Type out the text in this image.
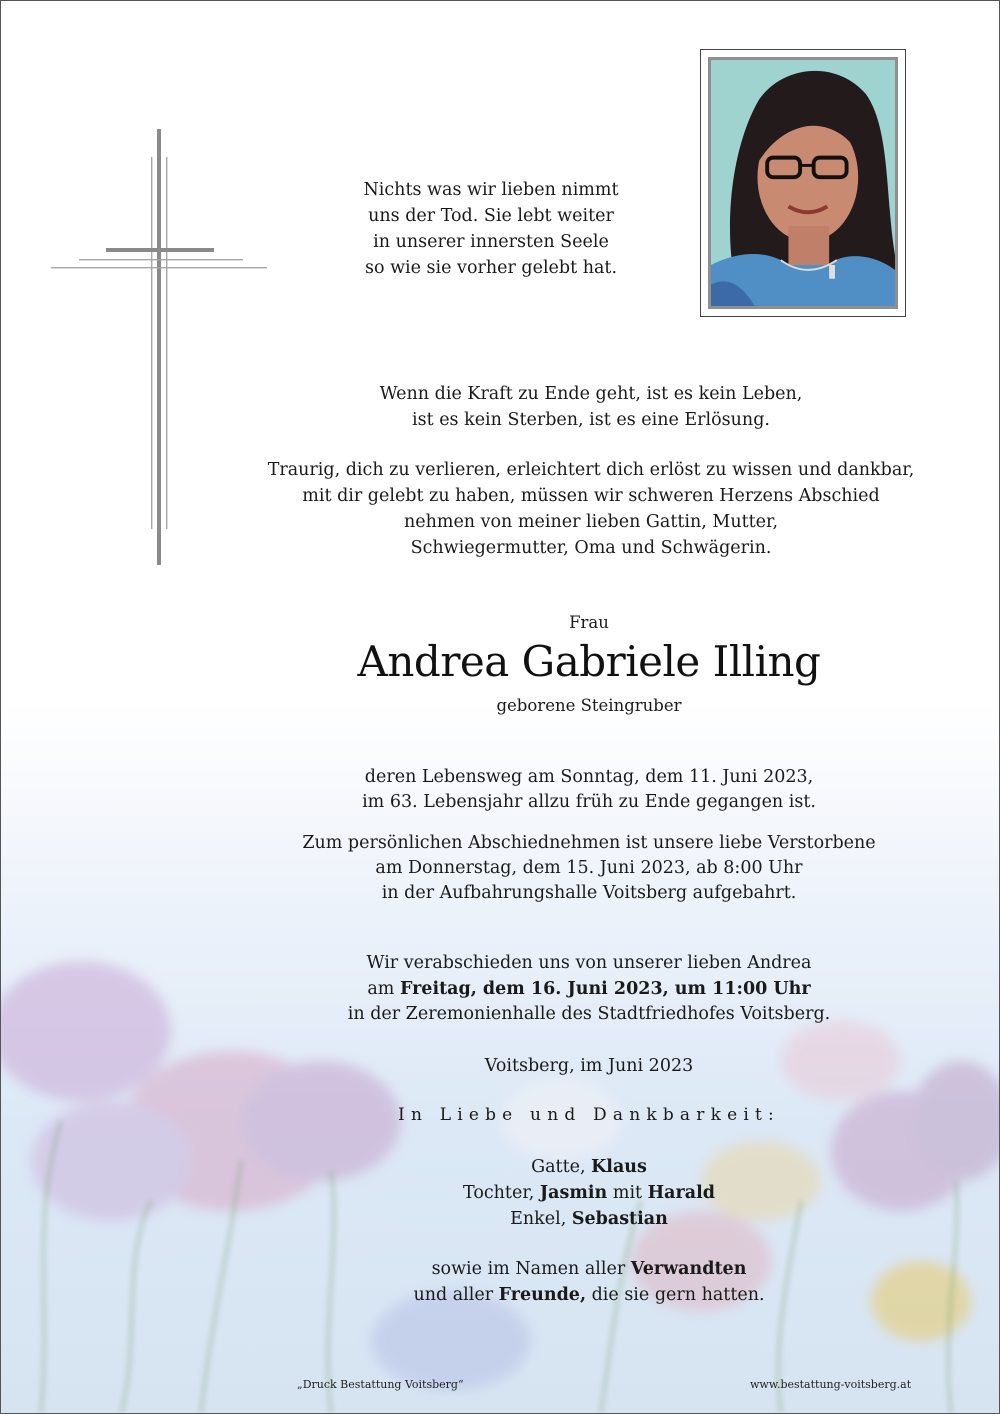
Nichts was wir lieben nimmt
uns der Tod. Sie lebt weiter
in unserer innersten Seele
so wie sie vorher gelebt hat.
Wenn die Kraft zu Ende geht, ist es kein Leben,
ist es kein Sterben, ist es eine Erlösung.
Traurig, dich zu verlieren, erleichtert dich erlöst zu wissen und dankbar,
mit dir gelebt zu haben, müssen wir schweren Herzens Abschied
nehmen von meiner lieben Gattin, Mutter,
Schwiegermutter, Oma und Schwägerin.
Frau
Andrea Gabriele Illing
geborene Steingruber
deren Lebensweg am Sonntag, dem 11. Juni 2023,
im 63. Lebensjahr allzu früh zu Ende gegangen ist.
Zum persönlichen Abschiednehmen ist unsere liebe Verstorbene
am Donnerstag, dem 15. Juni 2023, ab 8:00 Uhr
in der Aufbahrungshalle Voitsberg aufgebahrt.
Wir verabschieden uns von unserer lieben Andrea
am Freitag, dem 16. Juni 2023, um 11:00 Uhr
in der Zeremonienhalle des Stadtfriedhofes Voitsberg.
Voitsberg, im Juni 2023
In Liebe und Dankbarkeit:
Gatte, Klaus
Tochter, Jasmin mit Harald
Enkel, Sebastian
sowie im Namen aller Verwandten
und aller Freunde, die sie gern hatten.
„Druck Bestattung Voitsberg“	www.bestattung-voitsberg.at
